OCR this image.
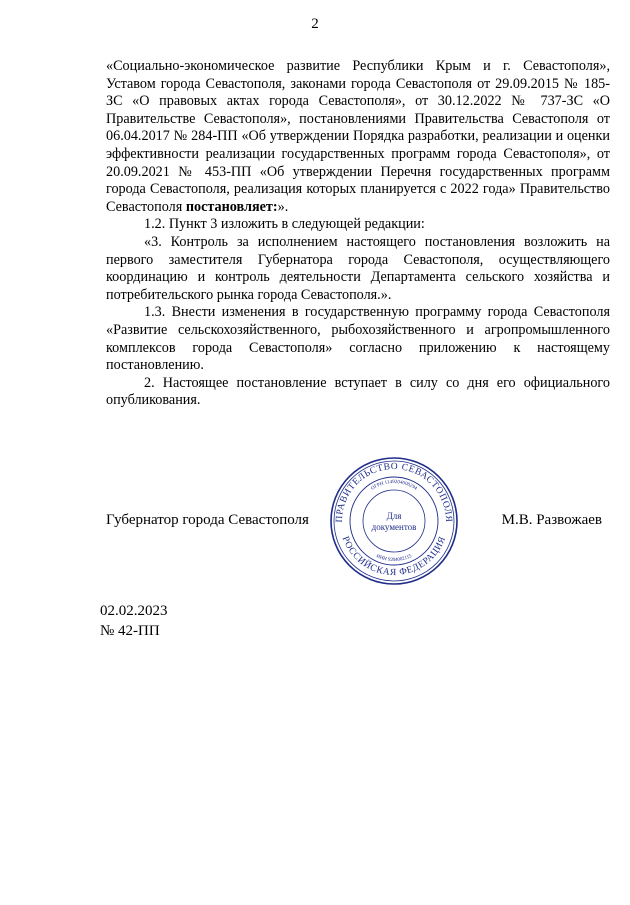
2

«Социально-экономическое развитие Республики Крым и г. Севастополя», Уставом города Севастополя, законами города Севастополя от 29.09.2015 № 185-ЗС «О правовых актах города Севастополя», от 30.12.2022 № 737-ЗС «О Правительстве Севастополя», постановлениями Правительства Севастополя от 06.04.2017 № 284-ПП «Об утверждении Порядка разработки, реализации и оценки эффективности реализации государственных программ города Севастополя», от 20.09.2021 № 453-ПП «Об утверждении Перечня государственных программ города Севастополя, реализация которых планируется с 2022 года» Правительство Севастополя постановляет:».

1.2. Пункт 3 изложить в следующей редакции:

«3. Контроль за исполнением настоящего постановления возложить на первого заместителя Губернатора города Севастополя, осуществляющего координацию и контроль деятельности Департамента сельского хозяйства и потребительского рынка города Севастополя.».

1.3. Внести изменения в государственную программу города Севастополя «Развитие сельскохозяйственного, рыбохозяйственного и агропромышленного комплексов города Севастополя» согласно приложению к настоящему постановлению.

2. Настоящее постановление вступает в силу со дня его официального опубликования.

ПРАВИТЕЛЬСТВО СЕВАСТОПОЛЯ
РОССИЙСКАЯ ФЕДЕРАЦИЯ
ОГРН 1149204000294
ИНН 9204002115
Для
документов
Губернатор города Севастополя	М.В. Развожаев
02.02.2023
№ 42-ПП
